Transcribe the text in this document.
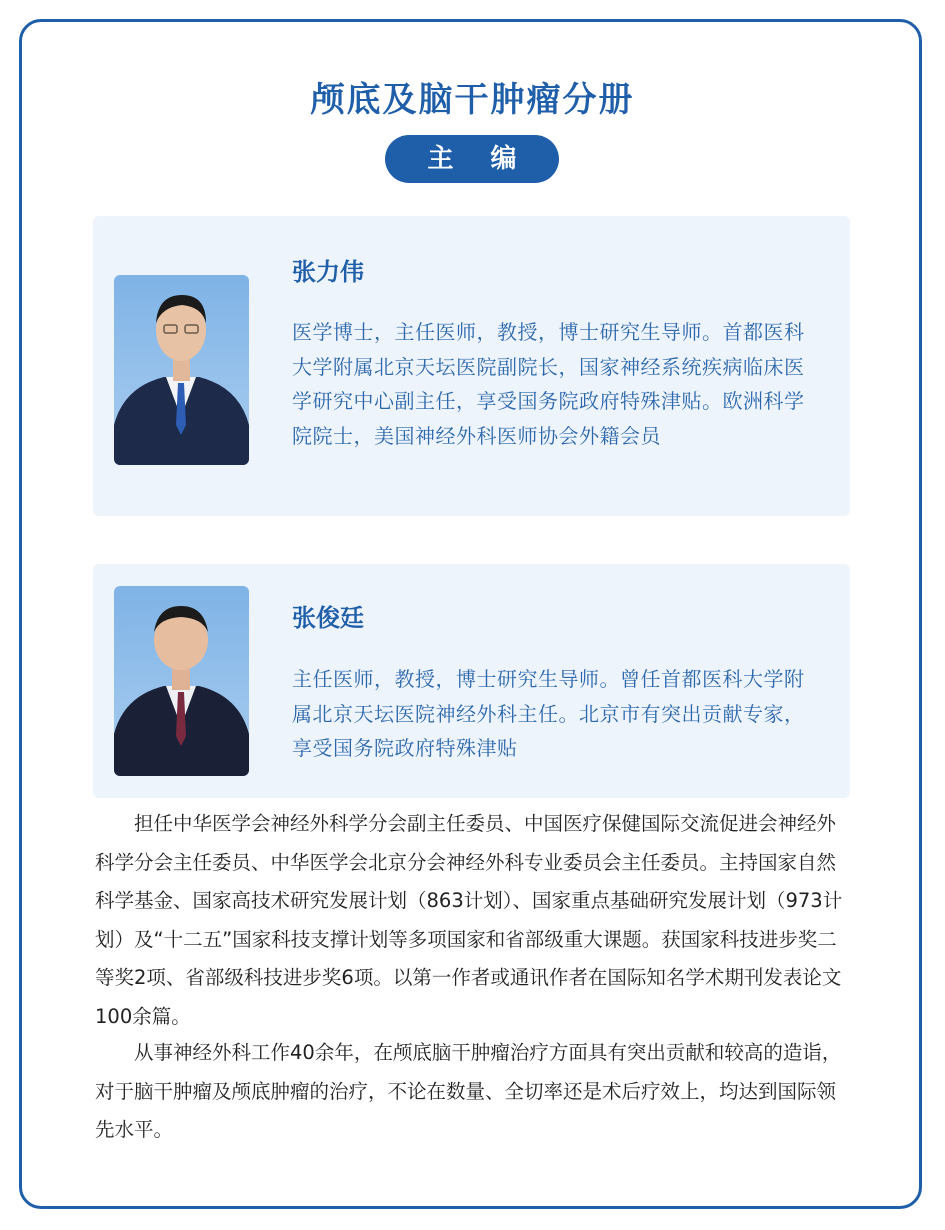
颅底及脑干肿瘤分册
主 编
张力伟
医学博士，主任医师，教授，博士研究生导师。首都医科大学附属北京天坛医院副院长，国家神经系统疾病临床医学研究中心副主任，享受国务院政府特殊津贴。欧洲科学院院士，美国神经外科医师协会外籍会员
张俊廷
主任医师，教授，博士研究生导师。曾任首都医科大学附属北京天坛医院神经外科主任。北京市有突出贡献专家，享受国务院政府特殊津贴
担任中华医学会神经外科学分会副主任委员、中国医疗保健国际交流促进会神经外科学分会主任委员、中华医学会北京分会神经外科专业委员会主任委员。主持国家自然科学基金、国家高技术研究发展计划（863计划）、国家重点基础研究发展计划（973计划）及“十二五”国家科技支撑计划等多项国家和省部级重大课题。获国家科技进步奖二等奖2项、省部级科技进步奖6项。以第一作者或通讯作者在国际知名学术期刊发表论文100余篇。
从事神经外科工作40余年，在颅底脑干肿瘤治疗方面具有突出贡献和较高的造诣，对于脑干肿瘤及颅底肿瘤的治疗，不论在数量、全切率还是术后疗效上，均达到国际领先水平。
